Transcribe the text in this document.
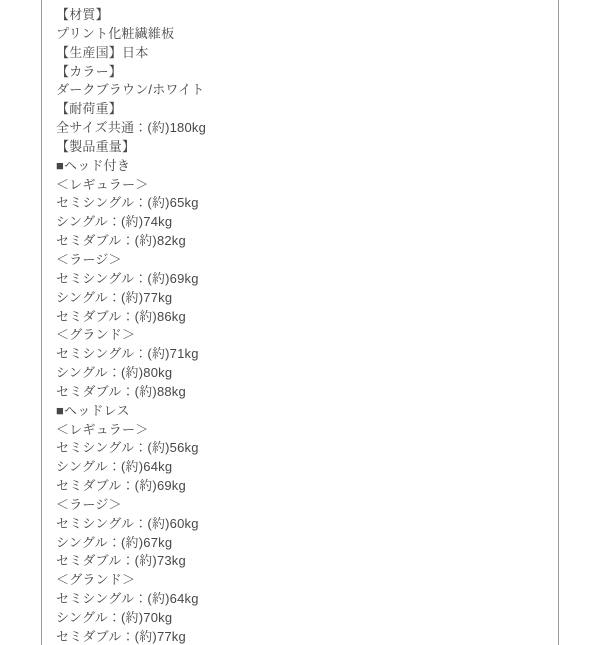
【材質】
プリント化粧繊維板
【生産国】日本
【カラー】
ダークブラウン/ホワイト
【耐荷重】
全サイズ共通：(約)180kg
【製品重量】
■ヘッド付き
＜レギュラー＞
セミシングル：(約)65kg
シングル：(約)74kg
セミダブル：(約)82kg
＜ラージ＞
セミシングル：(約)69kg
シングル：(約)77kg
セミダブル：(約)86kg
＜グランド＞
セミシングル：(約)71kg
シングル：(約)80kg
セミダブル：(約)88kg
■ヘッドレス
＜レギュラー＞
セミシングル：(約)56kg
シングル：(約)64kg
セミダブル：(約)69kg
＜ラージ＞
セミシングル：(約)60kg
シングル：(約)67kg
セミダブル：(約)73kg
＜グランド＞
セミシングル：(約)64kg
シングル：(約)70kg
セミダブル：(約)77kg
